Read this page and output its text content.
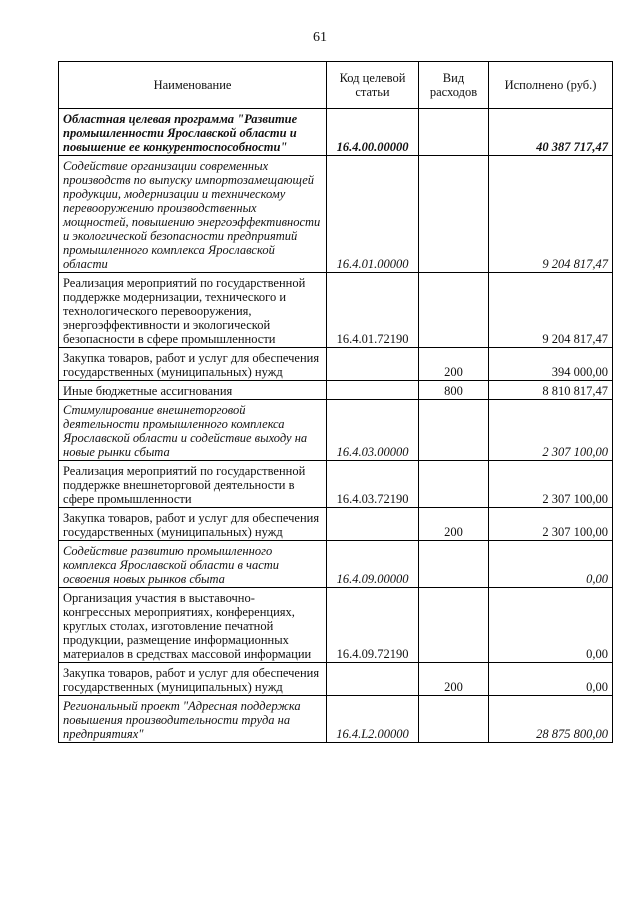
61
Наименование	Код целевой статьи	Вид расходов	Исполнено (руб.)
Областная целевая программа "Развитие промышленности Ярославской области и повышение ее конкурентоспособности"	16.4.00.00000		40 387 717,47
Содействие организации современных производств по выпуску импортозамещающей продукции, модернизации и техническому перевооружению производственных мощностей, повышению энергоэффективности и экологической безопасности предприятий промышленного комплекса Ярославской области	16.4.01.00000		9 204 817,47
Реализация мероприятий по государственной поддержке модернизации, технического и технологического перевооружения, энергоэффективности и экологической безопасности в сфере промышленности	16.4.01.72190		9 204 817,47
Закупка товаров, работ и услуг для обеспечения государственных (муниципальных) нужд		200	394 000,00
Иные бюджетные ассигнования		800	8 810 817,47
Стимулирование внешнеторговой деятельности промышленного комплекса Ярославской области и содействие выходу на новые рынки сбыта	16.4.03.00000		2 307 100,00
Реализация мероприятий по государственной поддержке внешнеторговой деятельности в сфере промышленности	16.4.03.72190		2 307 100,00
Закупка товаров, работ и услуг для обеспечения государственных (муниципальных) нужд		200	2 307 100,00
Содействие развитию промышленного комплекса Ярославской области в части освоения новых рынков сбыта	16.4.09.00000		0,00
Организация участия в выставочно-конгрессных мероприятиях, конференциях, круглых столах, изготовление печатной продукции, размещение информационных материалов в средствах массовой информации	16.4.09.72190		0,00
Закупка товаров, работ и услуг для обеспечения государственных (муниципальных) нужд		200	0,00
Региональный проект "Адресная поддержка повышения производительности труда на предприятиях"	16.4.L2.00000		28 875 800,00
